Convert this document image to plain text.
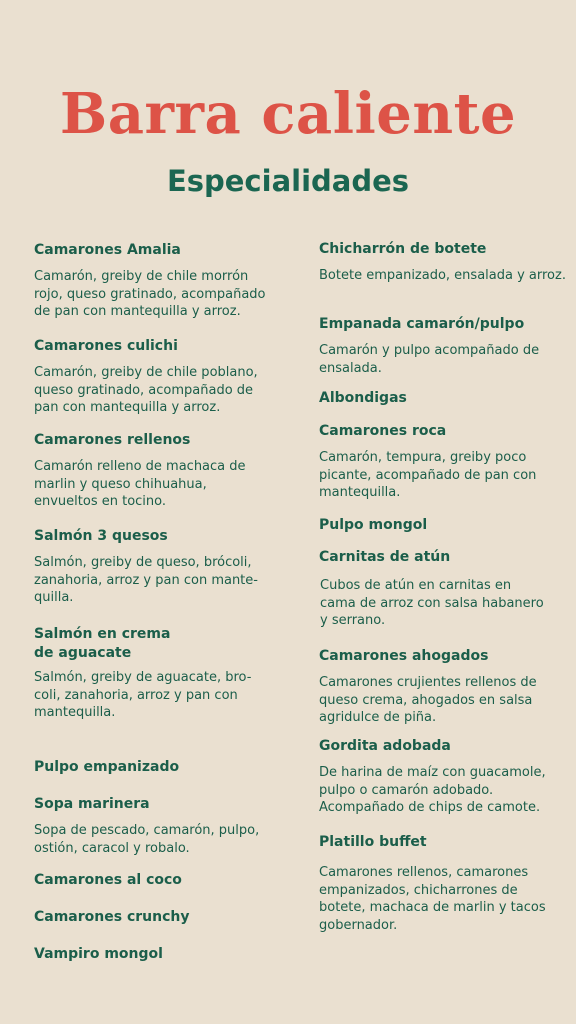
Barra caliente
Especialidades

Camarones Amalia

Camarón, greiby de chile morrón
rojo, queso gratinado, acompañado
de pan con mantequilla y arroz.

Camarones culichi

Camarón, greiby de chile poblano,
queso gratinado, acompañado de
pan con mantequilla y arroz.

Camarones rellenos

Camarón relleno de machaca de
marlin y queso chihuahua,
envueltos en tocino.

Salmón 3 quesos

Salmón, greiby de queso, brócoli,
zanahoria, arroz y pan con mante-
quilla.

Salmón en crema
de aguacate

Salmón, greiby de aguacate, bro-
coli, zanahoria, arroz y pan con
mantequilla.

Pulpo empanizado

Sopa marinera

Sopa de pescado, camarón, pulpo,
ostión, caracol y robalo.

Camarones al coco

Camarones crunchy

Vampiro mongol

Chicharrón de botete

Botete empanizado, ensalada y arroz.

Empanada camarón/pulpo

Camarón y pulpo acompañado de
ensalada.

Albondigas

Camarones roca

Camarón, tempura, greiby poco
picante, acompañado de pan con
mantequilla.

Pulpo mongol

Carnitas de atún

Cubos de atún en carnitas en
cama de arroz con salsa habanero
y serrano.

Camarones ahogados

Camarones crujientes rellenos de
queso crema, ahogados en salsa
agridulce de piña.

Gordita adobada

De harina de maíz con guacamole,
pulpo o camarón adobado.
Acompañado de chips de camote.

Platillo buffet

Camarones rellenos, camarones
empanizados, chicharrones de
botete, machaca de marlin y tacos
gobernador.
